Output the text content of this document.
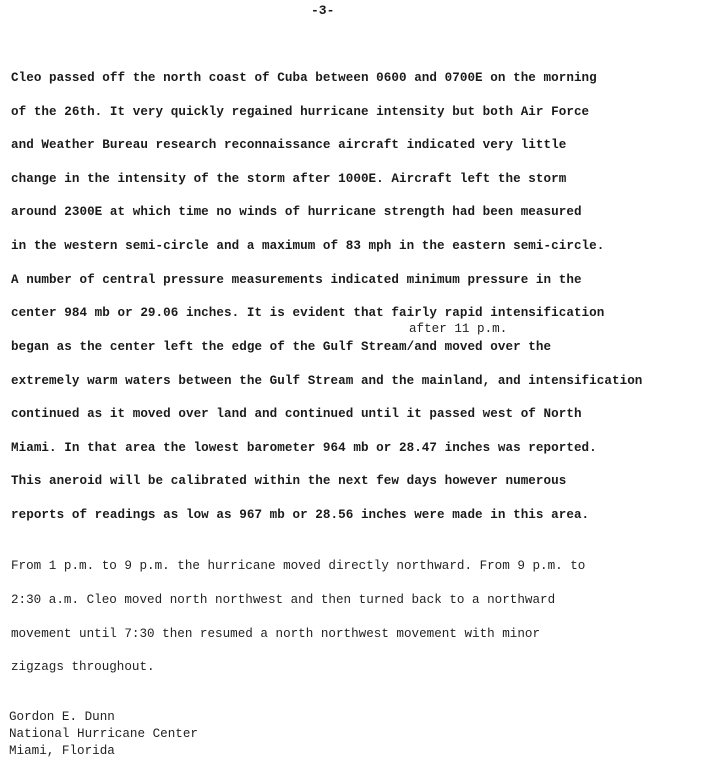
-3-
Cleo passed off the north coast of Cuba between 0600 and 0700E on the morning
of the 26th. It very quickly regained hurricane intensity but both Air Force
and Weather Bureau research reconnaissance aircraft indicated very little
change in the intensity of the storm after 1000E. Aircraft left the storm
around 2300E at which time no winds of hurricane strength had been measured
in the western semi-circle and a maximum of 83 mph in the eastern semi-circle.
A number of central pressure measurements indicated minimum pressure in the
center 984 mb or 29.06 inches. It is evident that fairly rapid intensification
began as the center left the edge of the Gulf Stream/and moved over the
extremely warm waters between the Gulf Stream and the mainland, and intensification
continued as it moved over land and continued until it passed west of North
Miami. In that area the lowest barometer 964 mb or 28.47 inches was reported.
This aneroid will be calibrated within the next few days however numerous
reports of readings as low as 967 mb or 28.56 inches were made in this area.
after 11 p.m.
From 1 p.m. to 9 p.m. the hurricane moved directly northward. From 9 p.m. to
2:30 a.m. Cleo moved north northwest and then turned back to a northward
movement until 7:30 then resumed a north northwest movement with minor
zigzags throughout.
Gordon E. Dunn
National Hurricane Center
Miami, Florida
